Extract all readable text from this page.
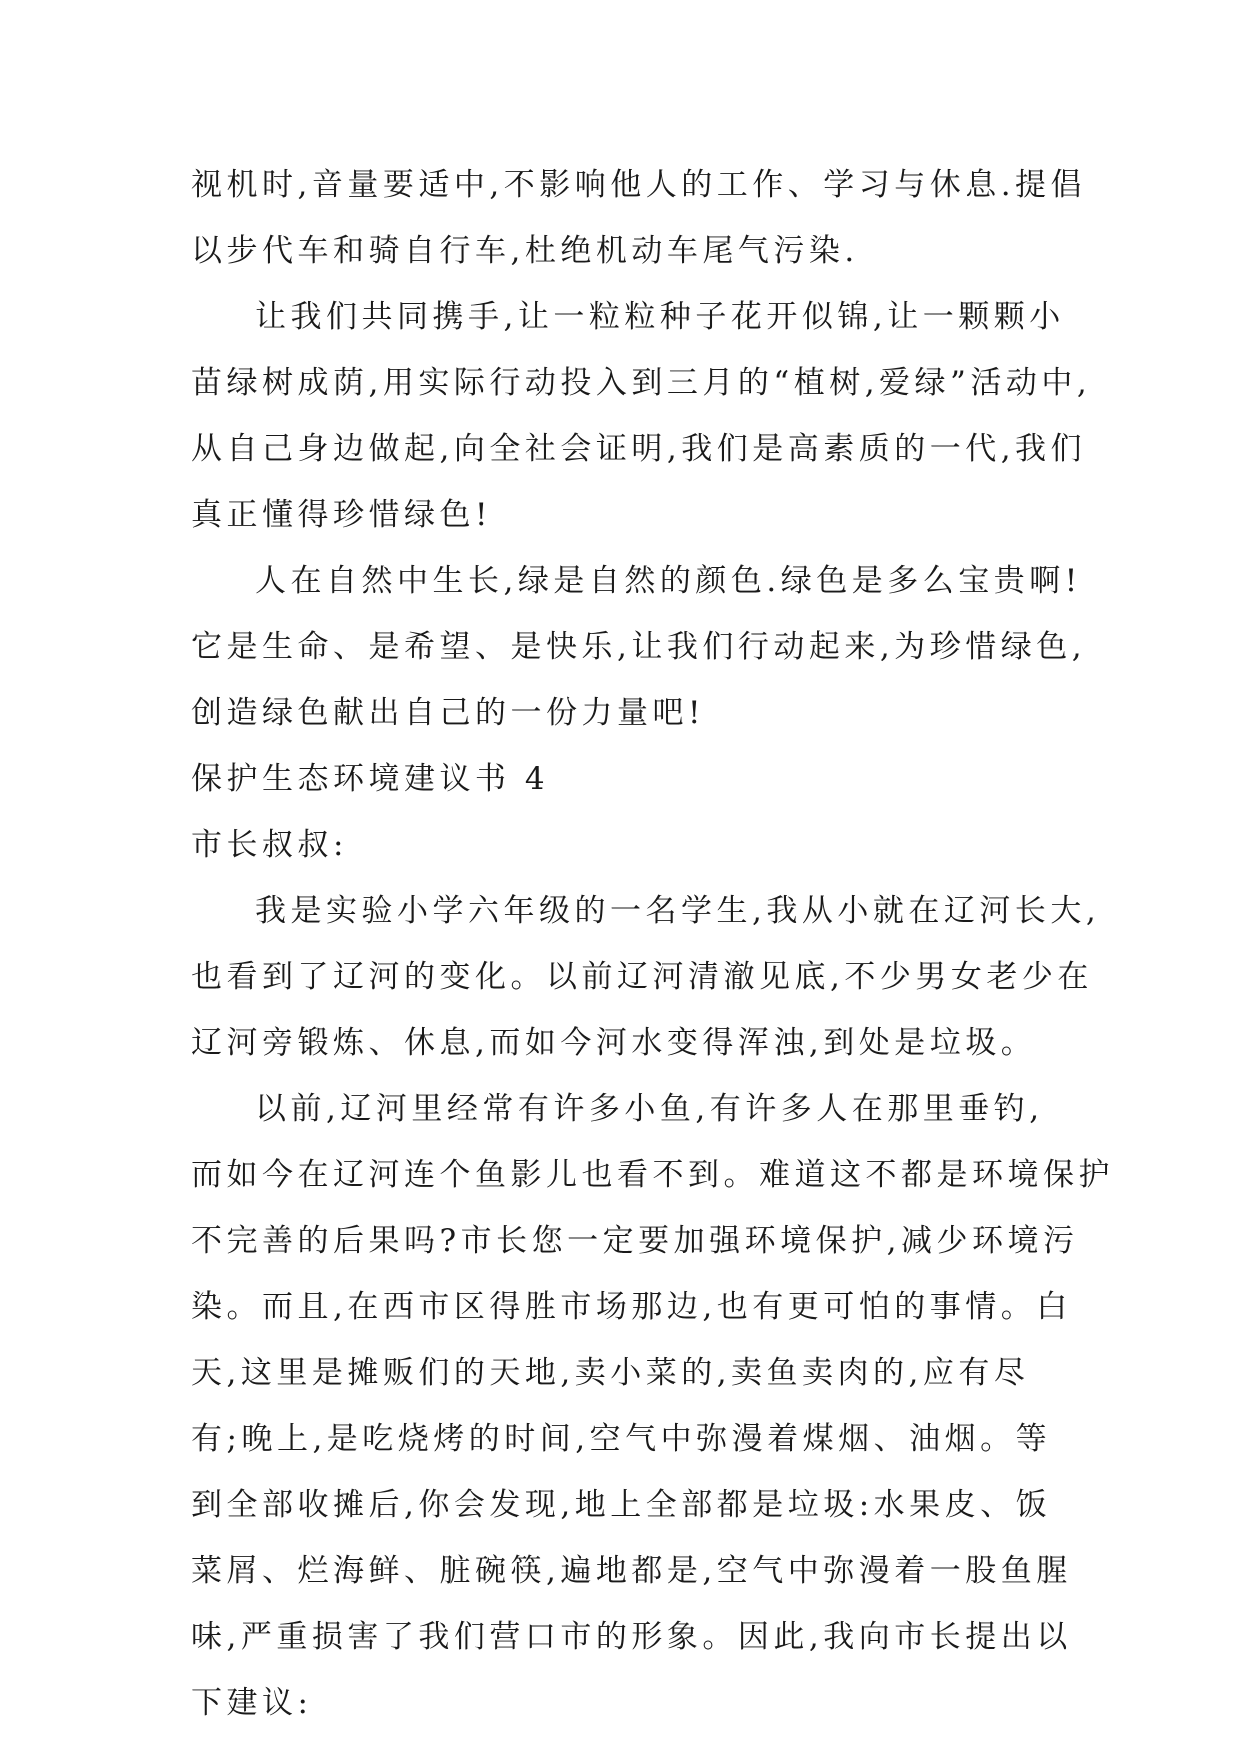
视机时,音量要适中,不影响他人的工作、学习与休息.提倡
以步代车和骑自行车,杜绝机动车尾气污染.
让我们共同携手,让一粒粒种子花开似锦,让一颗颗小
苗绿树成荫,用实际行动投入到三月的“植树,爱绿”活动中,
从自己身边做起,向全社会证明,我们是高素质的一代,我们
真正懂得珍惜绿色!
人在自然中生长,绿是自然的颜色.绿色是多么宝贵啊!
它是生命、是希望、是快乐,让我们行动起来,为珍惜绿色,
创造绿色献出自己的一份力量吧!
保护生态环境建议书 4
市长叔叔:
我是实验小学六年级的一名学生,我从小就在辽河长大,
也看到了辽河的变化。以前辽河清澈见底,不少男女老少在
辽河旁锻炼、休息,而如今河水变得浑浊,到处是垃圾。
以前,辽河里经常有许多小鱼,有许多人在那里垂钓,
而如今在辽河连个鱼影儿也看不到。难道这不都是环境保护
不完善的后果吗?市长您一定要加强环境保护,减少环境污
染。而且,在西市区得胜市场那边,也有更可怕的事情。白
天,这里是摊贩们的天地,卖小菜的,卖鱼卖肉的,应有尽
有;晚上,是吃烧烤的时间,空气中弥漫着煤烟、油烟。等
到全部收摊后,你会发现,地上全部都是垃圾:水果皮、饭
菜屑、烂海鲜、脏碗筷,遍地都是,空气中弥漫着一股鱼腥
味,严重损害了我们营口市的形象。因此,我向市长提出以
下建议:
